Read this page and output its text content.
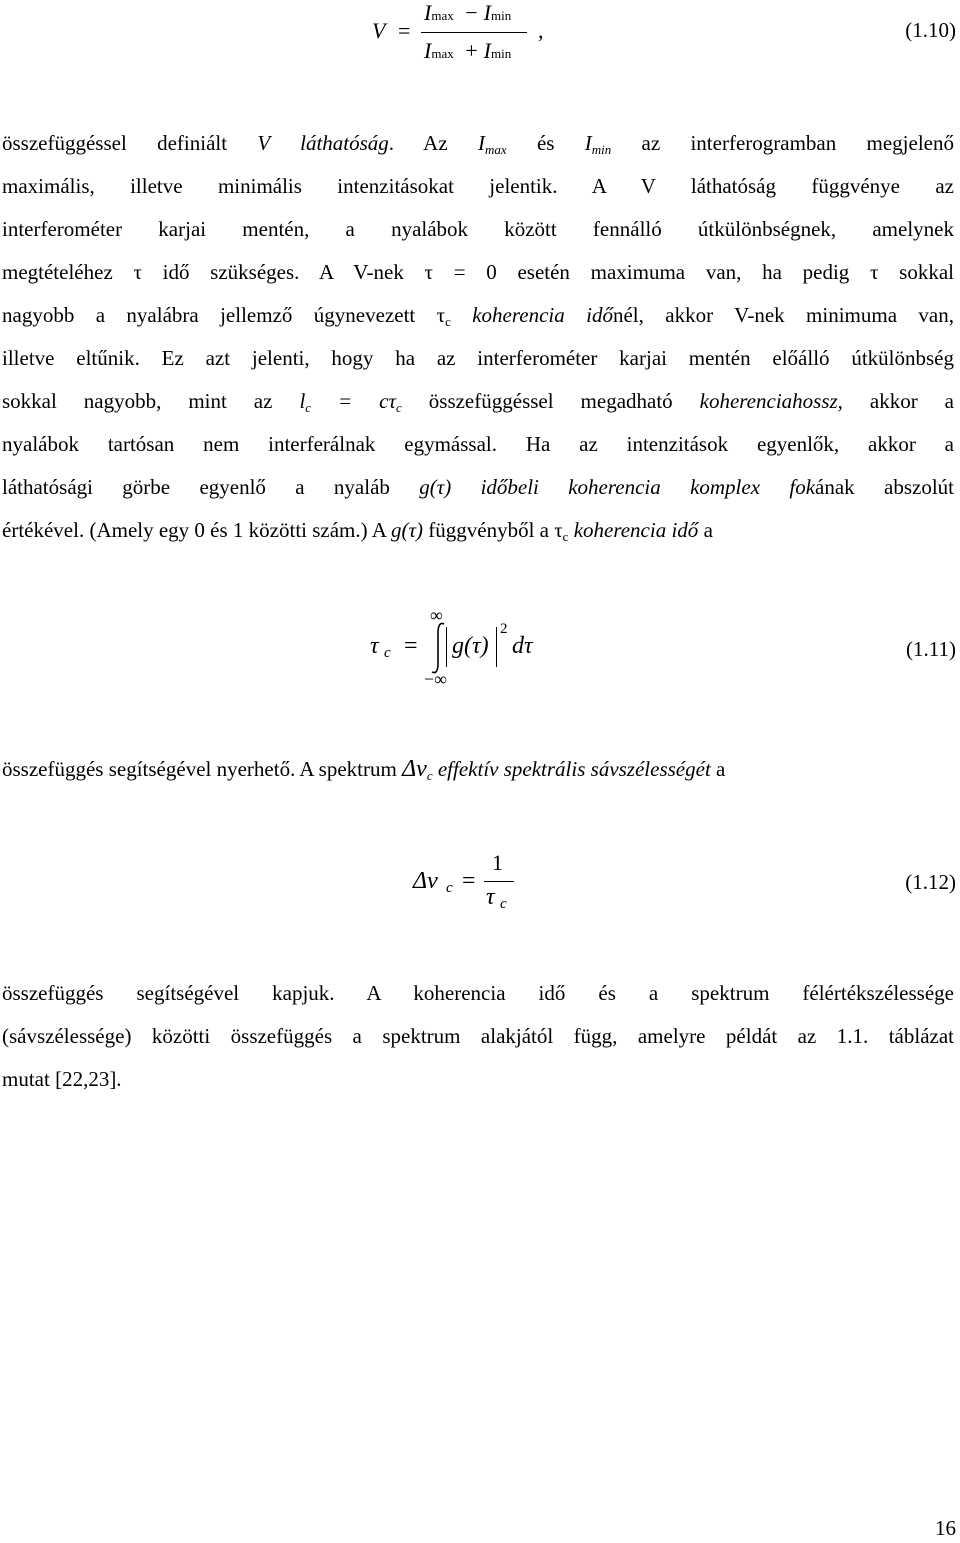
V =
Imax − Imin
Imax + Imin
,	(1.10)
összefüggéssel definiált V láthatóság. Az $I_{max}$ és $I_{min}$ az interferogramban megjelenő
maximális, illetve minimális intenzitásokat jelentik. A V láthatóság függvénye az
interferométer karjai mentén, a nyalábok között fennálló útkülönbségnek, amelynek
megtételéhez τ idő szükséges. A V-nek τ = 0 esetén maximuma van, ha pedig τ sokkal
nagyobb a nyalábra jellemző úgynevezett $\tau_c$ koherencia időnél, akkor V-nek minimuma van,
illetve eltűnik. Ez azt jelenti, hogy ha az interferométer karjai mentén előálló útkülönbség
sokkal nagyobb, mint az $l_c = c\tau_c$ összefüggéssel megadható koherenciahossz, akkor a
nyalábok tartósan nem interferálnak egymással. Ha az intenzitások egyenlők, akkor a
láthatósági görbe egyenlő a nyaláb g(τ) időbeli koherencia komplex fokának abszolút
értékével. (Amely egy 0 és 1 közötti szám.) A g(τ) függvényből a $\tau_c$ koherencia idő a
τ c =
∞
−∞
g(τ)
2
dτ	(1.11)
összefüggés segítségével nyerhető. A spektrum $\Delta\nu_c$ effektív spektrális sávszélességét a
Δν c =
1
τ c
(1.12)
összefüggés segítségével kapjuk. A koherencia idő és a spektrum félértékszélessége
(sávszélessége) közötti összefüggés a spektrum alakjától függ, amelyre példát az 1.1. táblázat
mutat [22,23].
16
